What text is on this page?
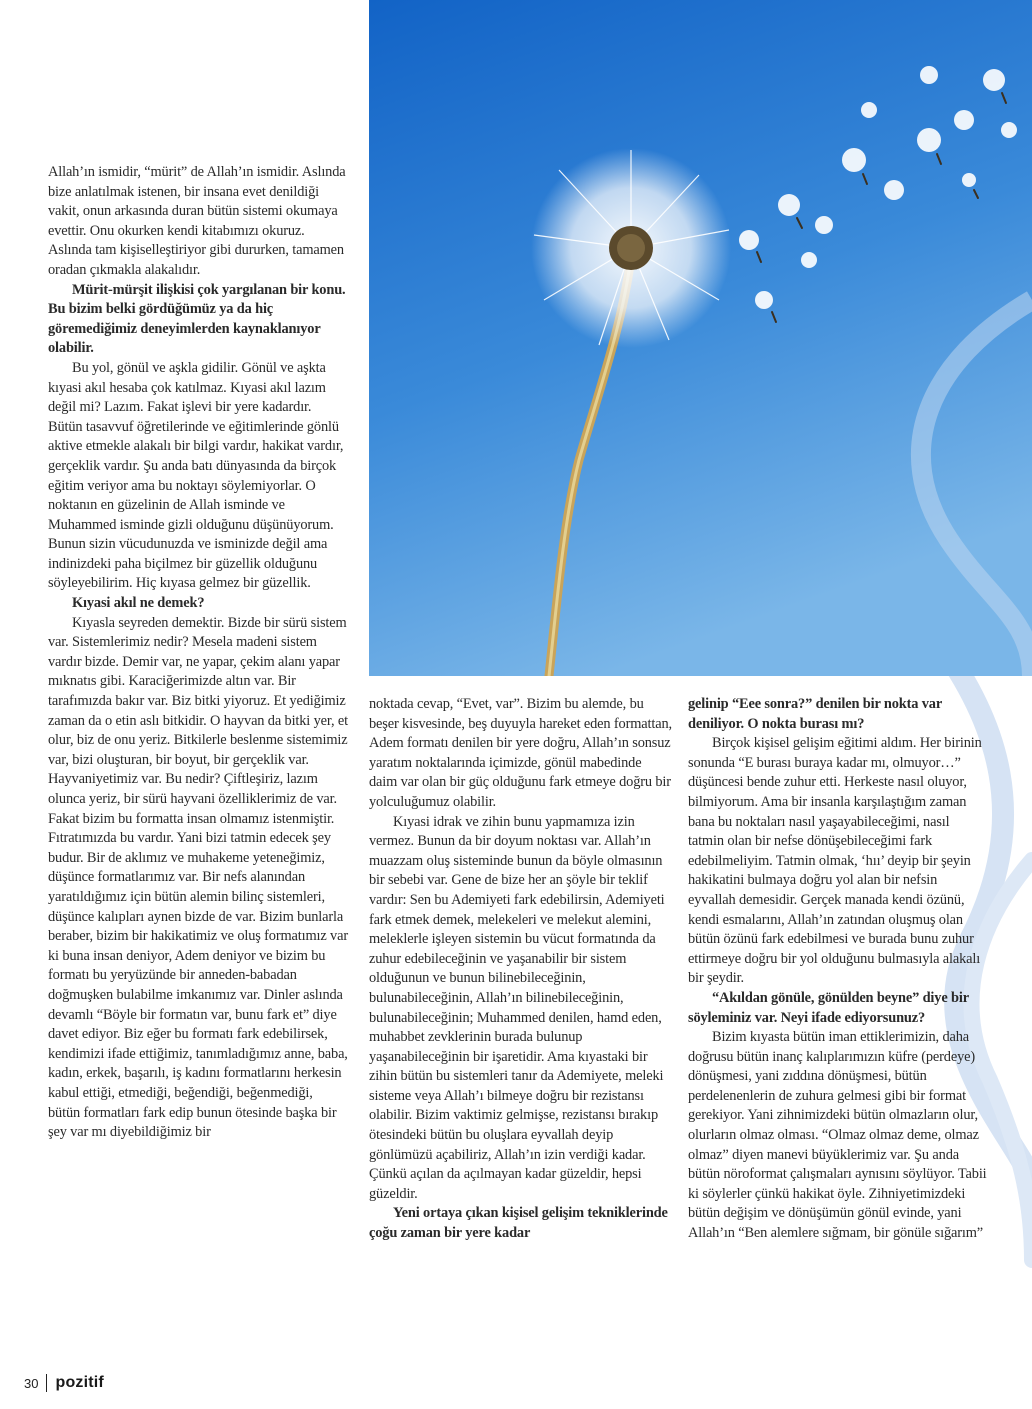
Allah’ın ismidir, “mürit” de Allah’ın ismidir. Aslında bize anlatılmak istenen, bir insana evet denildiği vakit, onun arkasında duran bütün sistemi okumaya evettir. Onu okurken kendi kitabımızı okuruz. Aslında tam kişiselleştiriyor gibi dururken, tamamen oradan çıkmakla alakalıdır.

Mürit-mürşit ilişkisi çok yargılanan bir konu. Bu bizim belki gördüğümüz ya da hiç göremediğimiz deneyimlerden kaynaklanıyor olabilir.

Bu yol, gönül ve aşkla gidilir. Gönül ve aşkta kıyasi akıl hesaba çok katılmaz. Kıyasi akıl lazım değil mi? Lazım. Fakat işlevi bir yere kadardır. Bütün tasavvuf öğretilerinde ve eğitimlerinde gönlü aktive etmekle alakalı bir bilgi vardır, hakikat vardır, gerçeklik vardır. Şu anda batı dünyasında da birçok eğitim veriyor ama bu noktayı söylemiyorlar. O noktanın en güzelinin de Allah isminde ve Muhammed isminde gizli olduğunu düşünüyorum. Bunun sizin vücudunuzda ve isminizde değil ama indinizdeki paha biçilmez bir güzellik olduğunu söyleyebilirim. Hiç kıyasa gelmez bir güzellik.

Kıyasi akıl ne demek?

Kıyasla seyreden demektir. Bizde bir sürü sistem var. Sistemlerimiz nedir? Mesela madeni sistem vardır bizde. Demir var, ne yapar, çekim alanı yapar mıknatıs gibi. Karaciğerimizde altın var. Bir tarafımızda bakır var. Biz bitki yiyoruz. Et yediğimiz zaman da o etin aslı bitkidir. O hayvan da bitki yer, et olur, biz de onu yeriz. Bitkilerle beslenme sistemimiz var, bizi oluşturan, bir boyut, bir gerçeklik var. Hayvaniyetimiz var. Bu nedir? Çiftleşiriz, lazım olunca yeriz, bir sürü hayvani özelliklerimiz de var. Fakat bizim bu formatta insan olmamız istenmiştir. Fıtratımızda bu vardır. Yani bizi tatmin edecek şey budur. Bir de aklımız ve muhakeme yeteneğimiz, düşünce formatlarımız var. Bir nefs alanından yaratıldığımız için bütün alemin bilinç sistemleri, düşünce kalıpları aynen bizde de var. Bizim bunlarla beraber, bizim bir hakikatimiz ve oluş formatımız var ki buna insan deniyor, Adem deniyor ve bizim bu formatı bu yeryüzünde bir anneden-babadan doğmuşken bulabilme imkanımız var. Dinler aslında devamlı “Böyle bir formatın var, bunu fark et” diye davet ediyor. Biz eğer bu formatı fark edebilirsek, kendimizi ifade ettiğimiz, tanımladığımız anne, baba, kadın, erkek, başarılı, iş kadını formatlarını herkesin kabul ettiği, etmediği, beğendiği, beğenmediği, bütün formatları fark edip bunun ötesinde başka bir şey var mı diyebildiğimiz bir

noktada cevap, “Evet, var”. Bizim bu alemde, bu beşer kisvesinde, beş duyuyla hareket eden formattan, Adem formatı denilen bir yere doğru, Allah’ın sonsuz yaratım noktalarında içimizde, gönül mabedinde daim var olan bir güç olduğunu fark etmeye doğru bir yolculuğumuz olabilir.

Kıyasi idrak ve zihin bunu yapmamıza izin vermez. Bunun da bir doyum noktası var. Allah’ın muazzam oluş sisteminde bunun da böyle olmasının bir sebebi var. Gene de bize her an şöyle bir teklif vardır: Sen bu Ademiyeti fark edebilirsin, Ademiyeti fark etmek demek, melekeleri ve melekut alemini, meleklerle işleyen sistemin bu vücut formatında da zuhur edebileceğinin ve yaşanabilir bir sistem olduğunun ve bunun bilinebileceğinin, bulunabileceğinin, Allah’ın bilinebileceğinin, bulunabileceğinin; Muhammed denilen, hamd eden, muhabbet zevklerinin burada bulunup yaşanabileceğinin bir işaretidir. Ama kıyastaki bir zihin bütün bu sistemleri tanır da Ademiyete, meleki sisteme veya Allah’ı bilmeye doğru bir rezistansı olabilir. Bizim vaktimiz gelmişse, rezistansı bırakıp ötesindeki bütün bu oluşlara eyvallah deyip gönlümüzü açabiliriz, Allah’ın izin verdiği kadar. Çünkü açılan da açılmayan kadar güzeldir, hepsi güzeldir.

Yeni ortaya çıkan kişisel gelişim tekniklerinde çoğu zaman bir yere kadar

gelinip “Eee sonra?” denilen bir nokta var deniliyor. O nokta burası mı?

Birçok kişisel gelişim eğitimi aldım. Her birinin sonunda “E burası buraya kadar mı, olmuyor…” düşüncesi bende zuhur etti. Herkeste nasıl oluyor, bilmiyorum. Ama bir insanla karşılaştığım zaman bana bu noktaları nasıl yaşayabileceğimi, nasıl tatmin olan bir nefse dönüşebileceğimi fark edebilmeliyim. Tatmin olmak, ‘hıı’ deyip bir şeyin hakikatini bulmaya doğru yol alan bir nefsin eyvallah demesidir. Gerçek manada kendi özünü, kendi esmalarını, Allah’ın zatından oluşmuş olan bütün özünü fark edebilmesi ve burada bunu zuhur ettirmeye doğru bir yol olduğunu bulmasıyla alakalı bir şeydir.

“Akıldan gönüle, gönülden beyne” diye bir söyleminiz var. Neyi ifade ediyorsunuz?

Bizim kıyasta bütün iman ettiklerimizin, daha doğrusu bütün inanç kalıplarımızın küfre (perdeye) dönüşmesi, yani zıddına dönüşmesi, bütün perdelenenlerin de zuhura gelmesi gibi bir format gerekiyor. Yani zihnimizdeki bütün olmazların olur, olurların olmaz olması. “Olmaz olmaz deme, olmaz olmaz” diyen manevi büyüklerimiz var. Şu anda bütün nöroformat çalışmaları aynısını söylüyor. Tabii ki söylerler çünkü hakikat öyle. Zihniyetimizdeki bütün değişim ve dönüşümün gönül evinde, yani Allah’ın “Ben alemlere sığmam, bir gönüle sığarım”

30 pozitif
